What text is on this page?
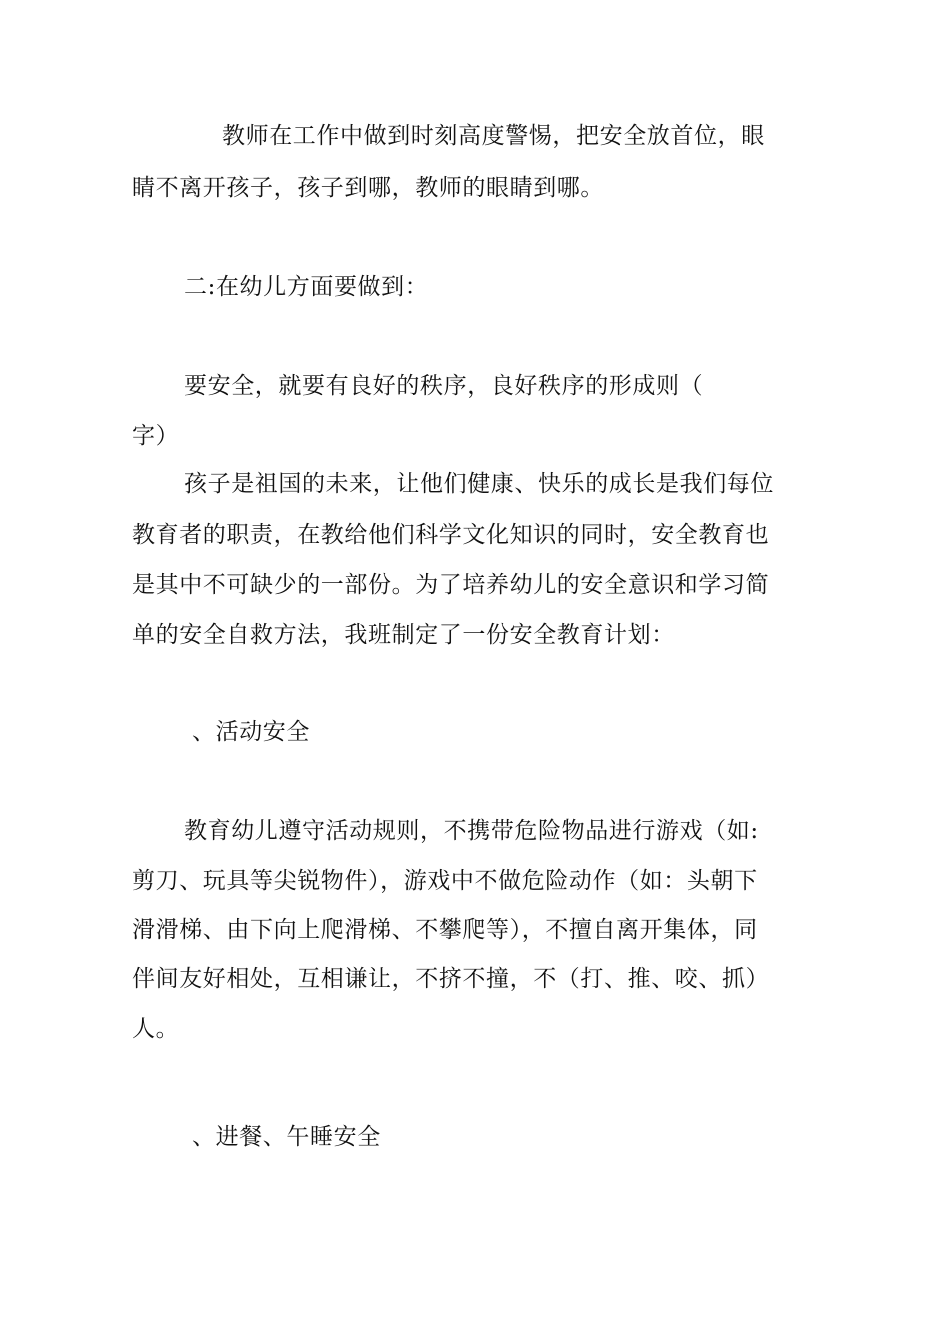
教师在工作中做到时刻高度警惕，把安全放首位，眼
睛不离开孩子，孩子到哪，教师的眼睛到哪。
二:在幼儿方面要做到：
要安全，就要有良好的秩序，良好秩序的形成则（
字）
孩子是祖国的未来，让他们健康、快乐的成长是我们每位
教育者的职责，在教给他们科学文化知识的同时，安全教育也
是其中不可缺少的一部份。为了培养幼儿的安全意识和学习简
单的安全自救方法，我班制定了一份安全教育计划：
、活动安全
教育幼儿遵守活动规则，不携带危险物品进行游戏（如:
剪刀、玩具等尖锐物件），游戏中不做危险动作（如：头朝下
滑滑梯、由下向上爬滑梯、不攀爬等），不擅自离开集体，同
伴间友好相处，互相谦让，不挤不撞，不（打、推、咬、抓）
人。
、进餐、午睡安全
